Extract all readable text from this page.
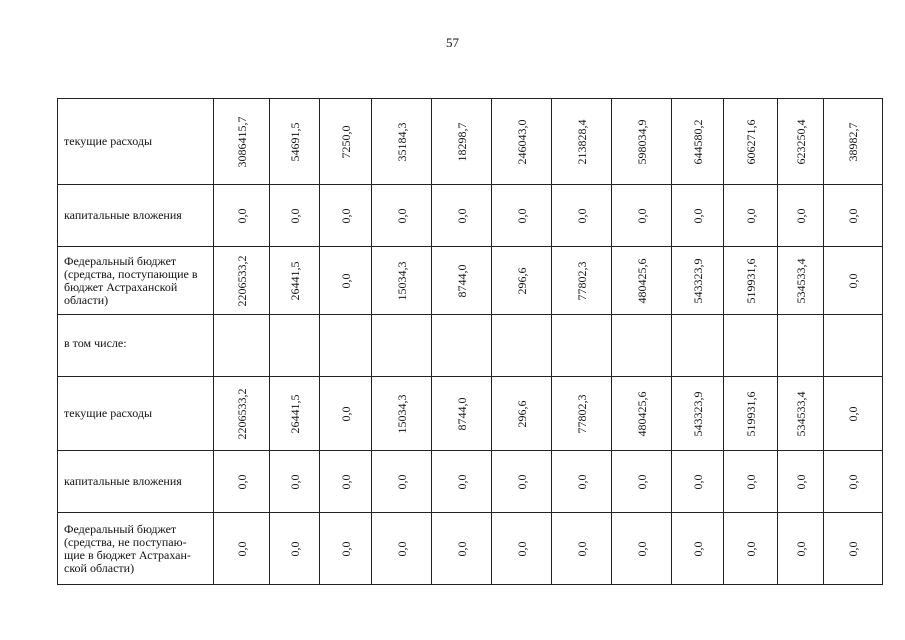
57
текущие расходы	3086415,7	54691,5	7250,0	35184,3	18298,7	246043,0	213828,4	598034,9	644580,2	606271,6	623250,4	38982,7

капитальные вложения	0,0	0,0	0,0	0,0	0,0	0,0	0,0	0,0	0,0	0,0	0,0	0,0

Федеральный бюджет (средства, поступающие в бюджет Астраханской области)	2206533,2	26441,5	0,0	15034,3	8744,0	296,6	77802,3	480425,6	543323,9	519931,6	534533,4	0,0

в том числе:	

текущие расходы	2206533,2	26441,5	0,0	15034,3	8744,0	296,6	77802,3	480425,6	543323,9	519931,6	534533,4	0,0

капитальные вложения	0,0	0,0	0,0	0,0	0,0	0,0	0,0	0,0	0,0	0,0	0,0	0,0

Федеральный бюджет (средства, не поступаю-щие в бюджет Астрахан-ской области)	0,0	0,0	0,0	0,0	0,0	0,0	0,0	0,0	0,0	0,0	0,0	0,0
